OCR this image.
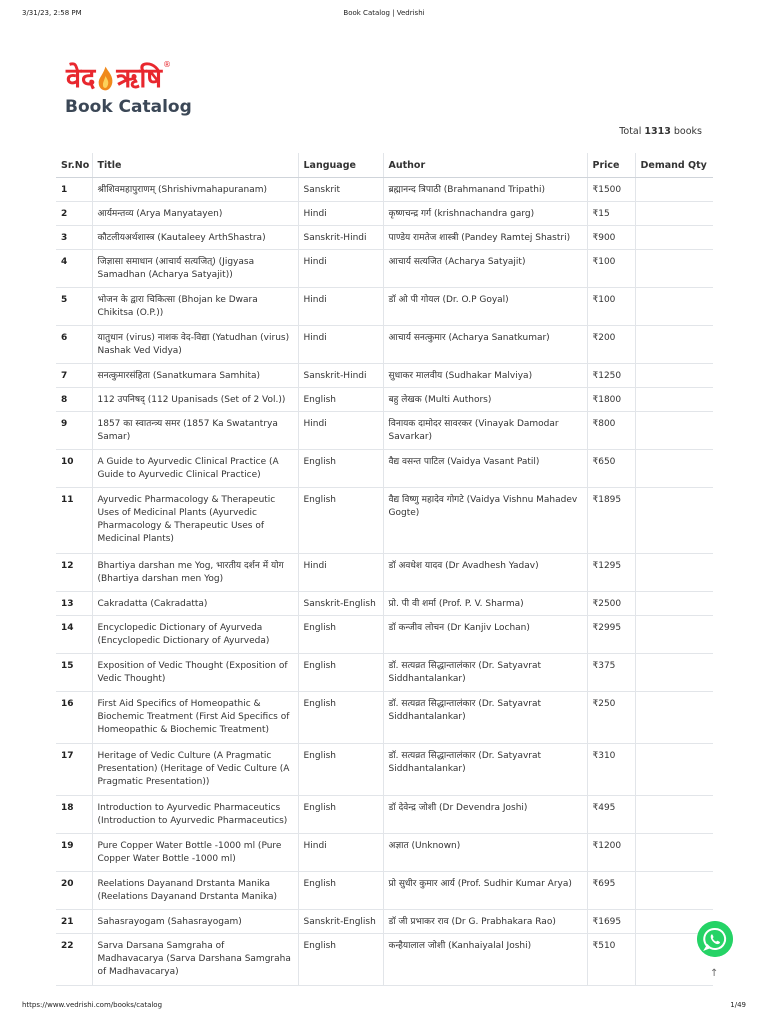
3/31/23, 2:58 PM	Book Catalog | Vedrishi
वेद ऋषि ®
Book Catalog
Total 1313 books
Sr.No	Title	Language	Author	Price	Demand Qty
1	श्रीशिवमहापुराणम् (Shrishivmahapuranam)	Sanskrit	ब्रह्मानन्द त्रिपाठी (Brahmanand Tripathi)	₹1500	
2	आर्यमन्तव्य (Arya Manyatayen)	Hindi	कृष्णचन्द्र गर्ग (krishnachandra garg)	₹15	
3	कौटलीयअर्थशास्त्र (Kautaleey ArthShastra)	Sanskrit-Hindi	पाण्डेय रामतेज शास्त्री (Pandey Ramtej Shastri)	₹900	
4	जिज्ञासा समाधान (आचार्य सत्यजित्) (Jigyasa Samadhan (Acharya Satyajit))	Hindi	आचार्य सत्यजित (Acharya Satyajit)	₹100	
5	भोजन के द्वारा चिकित्सा (Bhojan ke Dwara Chikitsa (O.P.))	Hindi	डॉ ओ पी गोयल (Dr. O.P Goyal)	₹100	
6	यातुधान (virus) नाशक वेद-विद्या (Yatudhan (virus) Nashak Ved Vidya)	Hindi	आचार्य सनत्कुमार (Acharya Sanatkumar)	₹200	
7	सनत्कुमारसंहिता (Sanatkumara Samhita)	Sanskrit-Hindi	सुधाकर मालवीय (Sudhakar Malviya)	₹1250	
8	112 उपनिषद् (112 Upanisads (Set of 2 Vol.))	English	बहु लेखक (Multi Authors)	₹1800	
9	1857 का स्वातन्त्र्य समर (1857 Ka Swatantrya Samar)	Hindi	विनायक दामोदर सावरकर (Vinayak Damodar Savarkar)	₹800	
10	A Guide to Ayurvedic Clinical Practice (A Guide to Ayurvedic Clinical Practice)	English	वैद्य वसन्त पाटिल (Vaidya Vasant Patil)	₹650	
11	Ayurvedic Pharmacology & Therapeutic Uses of Medicinal Plants (Ayurvedic Pharmacology & Therapeutic Uses of Medicinal Plants)	English	वैद्य विष्णु महादेव गोगटे (Vaidya Vishnu Mahadev Gogte)	₹1895	
12	Bhartiya darshan me Yog, भारतीय दर्शन में योग (Bhartiya darshan men Yog)	Hindi	डॉ अवधेश यादव (Dr Avadhesh Yadav)	₹1295	
13	Cakradatta (Cakradatta)	Sanskrit-English	प्रो. पी वी शर्मा (Prof. P. V. Sharma)	₹2500	
14	Encyclopedic Dictionary of Ayurveda (Encyclopedic Dictionary of Ayurveda)	English	डॉ कन्जीव लोचन (Dr Kanjiv Lochan)	₹2995	
15	Exposition of Vedic Thought (Exposition of Vedic Thought)	English	डॉ. सत्यव्रत सिद्धान्तालंकार (Dr. Satyavrat Siddhantalankar)	₹375	
16	First Aid Specifics of Homeopathic & Biochemic Treatment (First Aid Specifics of Homeopathic & Biochemic Treatment)	English	डॉ. सत्यव्रत सिद्धान्तालंकार (Dr. Satyavrat Siddhantalankar)	₹250	
17	Heritage of Vedic Culture (A Pragmatic Presentation) (Heritage of Vedic Culture (A Pragmatic Presentation))	English	डॉ. सत्यव्रत सिद्धान्तालंकार (Dr. Satyavrat Siddhantalankar)	₹310	
18	Introduction to Ayurvedic Pharmaceutics (Introduction to Ayurvedic Pharmaceutics)	English	डॉ देवेन्द्र जोशी (Dr Devendra Joshi)	₹495	
19	Pure Copper Water Bottle -1000 ml (Pure Copper Water Bottle -1000 ml)	Hindi	अज्ञात (Unknown)	₹1200	
20	Reelations Dayanand Drstanta Manika (Reelations Dayanand Drstanta Manika)	English	प्रो सुधीर कुमार आर्य (Prof. Sudhir Kumar Arya)	₹695	
21	Sahasrayogam (Sahasrayogam)	Sanskrit-English	डॉ जी प्रभाकर राव (Dr G. Prabhakara Rao)	₹1695	
22	Sarva Darsana Samgraha of Madhavacarya (Sarva Darshana Samgraha of Madhavacarya)	English	कन्हैयालाल जोशी (Kanhaiyalal Joshi)	₹510	
↑
https://www.vedrishi.com/books/catalog	1/49
